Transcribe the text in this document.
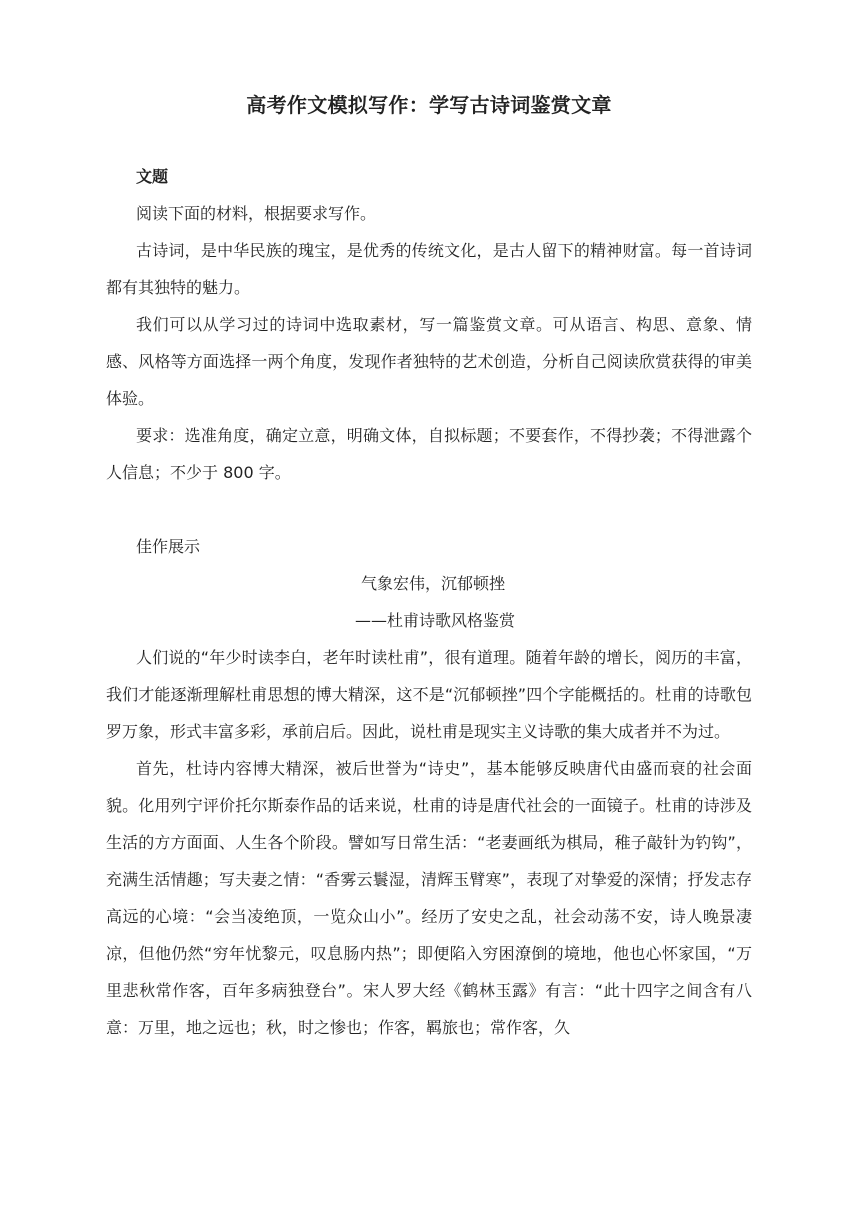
高考作文模拟写作：学写古诗词鉴赏文章

文题

阅读下面的材料，根据要求写作。

古诗词，是中华民族的瑰宝，是优秀的传统文化，是古人留下的精神财富。每一首诗词都有其独特的魅力。

我们可以从学习过的诗词中选取素材，写一篇鉴赏文章。可从语言、构思、意象、情感、风格等方面选择一两个角度，发现作者独特的艺术创造，分析自己阅读欣赏获得的审美体验。

要求：选准角度，确定立意，明确文体，自拟标题；不要套作，不得抄袭；不得泄露个人信息；不少于 800 字。

佳作展示

气象宏伟，沉郁顿挫

——杜甫诗歌风格鉴赏

人们说的“年少时读李白，老年时读杜甫”，很有道理。随着年龄的增长，阅历的丰富，我们才能逐渐理解杜甫思想的博大精深，这不是“沉郁顿挫”四个字能概括的。杜甫的诗歌包罗万象，形式丰富多彩，承前启后。因此，说杜甫是现实主义诗歌的集大成者并不为过。

首先，杜诗内容博大精深，被后世誉为“诗史”，基本能够反映唐代由盛而衰的社会面貌。化用列宁评价托尔斯泰作品的话来说，杜甫的诗是唐代社会的一面镜子。杜甫的诗涉及生活的方方面面、人生各个阶段。譬如写日常生活：“老妻画纸为棋局，稚子敲针为钓钩”，充满生活情趣；写夫妻之情：“香雾云鬟湿，清辉玉臂寒”，表现了对挚爱的深情；抒发志存高远的心境：“会当凌绝顶，一览众山小”。经历了安史之乱，社会动荡不安，诗人晚景凄凉，但他仍然“穷年忧黎元，叹息肠内热”；即便陷入穷困潦倒的境地，他也心怀家国，“万里悲秋常作客，百年多病独登台”。宋人罗大经《鹤林玉露》有言：“此十四字之间含有八意：万里，地之远也；秋，时之惨也；作客，羁旅也；常作客，久
